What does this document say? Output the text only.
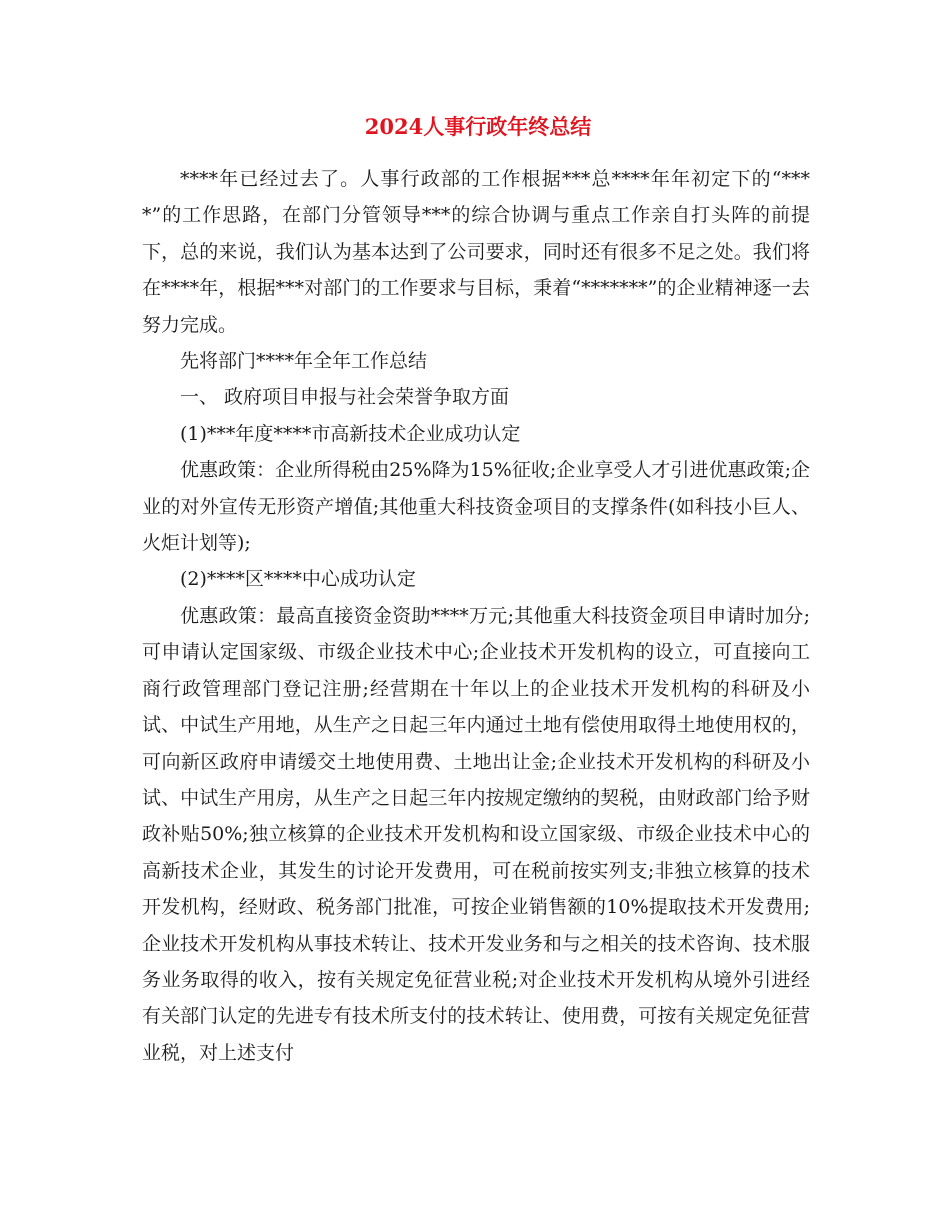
2024人事行政年终总结

****年已经过去了。人事行政部的工作根据***总****年年初定下的“****”的工作思路，在部门分管领导***的综合协调与重点工作亲自打头阵的前提下，总的来说，我们认为基本达到了公司要求，同时还有很多不足之处。我们将在****年，根据***对部门的工作要求与目标，秉着“*******”的企业精神逐一去努力完成。

先将部门****年全年工作总结

一、 政府项目申报与社会荣誉争取方面

(1)***年度****市高新技术企业成功认定

优惠政策：企业所得税由25%降为15%征收;企业享受人才引进优惠政策;企业的对外宣传无形资产增值;其他重大科技资金项目的支撑条件(如科技小巨人、火炬计划等);

(2)****区****中心成功认定

优惠政策：最高直接资金资助****万元;其他重大科技资金项目申请时加分;可申请认定国家级、市级企业技术中心;企业技术开发机构的设立，可直接向工商行政管理部门登记注册;经营期在十年以上的企业技术开发机构的科研及小试、中试生产用地，从生产之日起三年内通过土地有偿使用取得土地使用权的，可向新区政府申请缓交土地使用费、土地出让金;企业技术开发机构的科研及小试、中试生产用房，从生产之日起三年内按规定缴纳的契税，由财政部门给予财政补贴50%;独立核算的企业技术开发机构和设立国家级、市级企业技术中心的高新技术企业，其发生的讨论开发费用，可在税前按实列支;非独立核算的技术开发机构，经财政、税务部门批准，可按企业销售额的10%提取技术开发费用;企业技术开发机构从事技术转让、技术开发业务和与之相关的技术咨询、技术服务业务取得的收入，按有关规定免征营业税;对企业技术开发机构从境外引进经有关部门认定的先进专有技术所支付的技术转让、使用费，可按有关规定免征营业税，对上述支付
